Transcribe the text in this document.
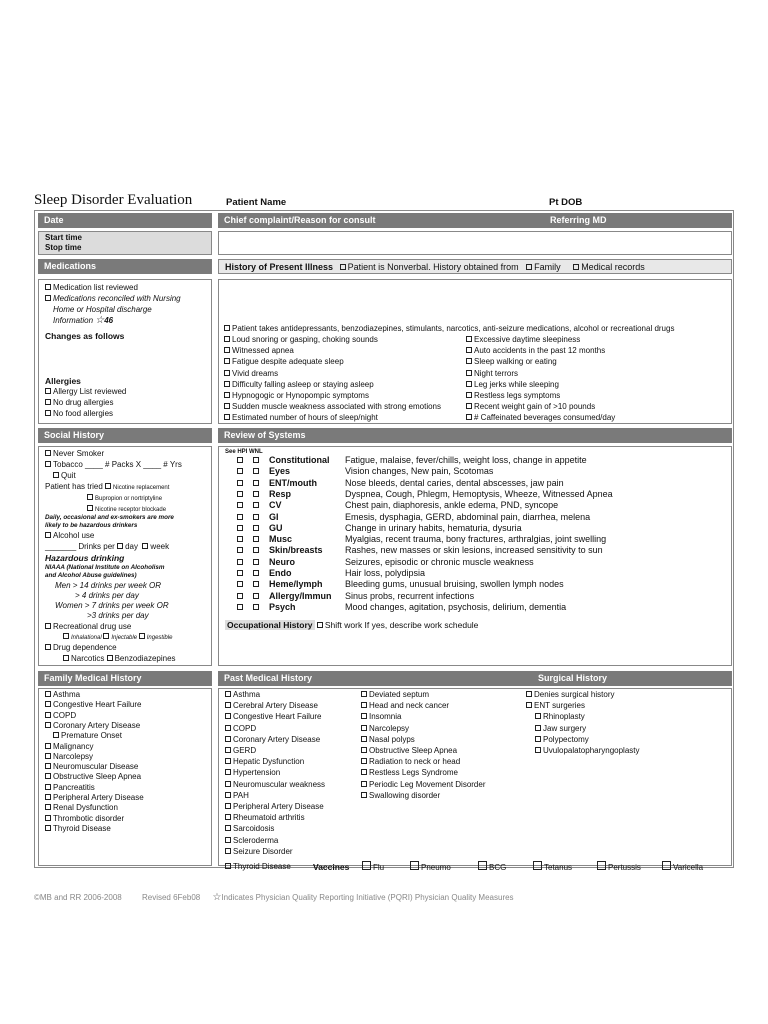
Sleep Disorder Evaluation	Patient Name	Pt DOB
Date	Chief complaint/Reason for consult	Referring MD
Start time
Stop time
Medications	History of Present Illness Patient is Nonverbal. History obtained from Family Medical records
Medication list reviewed
Medications reconciled with Nursing
Home or Hospital discharge
Information ☆46
Changes as follows
Allergies
Allergy List reviewed
No drug allergies
No food allergies
Patient takes antidepressants, benzodiazepines, stimulants, narcotics, anti-seizure medications, alcohol or recreational drugs
Loud snoring or gasping, choking sounds
Witnessed apnea
Fatigue despite adequate sleep
Vivid dreams
Difficulty falling asleep or staying asleep
Hypnogogic or Hynopompic symptoms
Sudden muscle weakness associated with strong emotions
Estimated number of hours of sleep/night
Excessive daytime sleepiness
Auto accidents in the past 12 months
Sleep walking or eating
Night terrors
Leg jerks while sleeping
Restless legs symptoms
Recent weight gain of >10 pounds
# Caffeinated beverages consumed/day
Social History	Review of Systems
Never Smoker
Tobacco ____ # Packs X ____ # Yrs
Quit
Patient has tried Nicotine replacement
Bupropion or nortriptyline
Nicotine receptor blockade
Daily, occasional and ex-smokers are more
likely to be hazardous drinkers
Alcohol use
_______ Drinks per day week
Hazardous drinking
NIAAA (National Institute on Alcoholism
and Alcohol Abuse guidelines)
Men > 14 drinks per week OR
> 4 drinks per day
Women > 7 drinks per week OR
>3 drinks per day
Recreational drug use
Inhalational Injectable Ingestible
Drug dependence
Narcotics Benzodiazepines
See HPI WNL
Constitutional Fatigue, malaise, fever/chills, weight loss, change in appetite
Eyes	Vision changes, New pain, Scotomas
ENT/mouth	Nose bleeds, dental caries, dental abscesses, jaw pain
Resp	Dyspnea, Cough, Phlegm, Hemoptysis, Wheeze, Witnessed Apnea
CV	Chest pain, diaphoresis, ankle edema, PND, syncope
GI	Emesis, dysphagia, GERD, abdominal pain, diarrhea, melena
GU	Change in urinary habits, hematuria, dysuria
Musc	Myalgias, recent trauma, bony fractures, arthralgias, joint swelling
Skin/breasts Rashes, new masses or skin lesions, increased sensitivity to sun
Neuro	Seizures, episodic or chronic muscle weakness
Endo	Hair loss, polydipsia
Heme/lymph Bleeding gums, unusual bruising, swollen lymph nodes
Allergy/Immun Sinus probs, recurrent infections
Psych	Mood changes, agitation, psychosis, delirium, dementia
Occupational History Shift work If yes, describe work schedule
Family Medical History	Past Medical History	Surgical History
Asthma
Congestive Heart Failure
COPD
Coronary Artery Disease
Premature Onset
Malignancy
Narcolepsy
Neuromuscular Disease
Obstructive Sleep Apnea
Pancreatitis
Peripheral Artery Disease
Renal Dysfunction
Thrombotic disorder
Thyroid Disease
Asthma
Cerebral Artery Disease
Congestive Heart Failure
COPD
Coronary Artery Disease
GERD
Hepatic Dysfunction
Hypertension
Neuromuscular weakness
PAH
Peripheral Artery Disease
Rheumatoid arthritis
Sarcoidosis
Scleroderma
Seizure Disorder
Thyroid Disease
Deviated septum
Head and neck cancer
Insomnia
Narcolepsy
Nasal polyps
Obstructive Sleep Apnea
Radiation to neck or head
Restless Legs Syndrome
Periodic Leg Movement Disorder
Swallowing disorder
Denies surgical history
ENT surgeries
Rhinoplasty
Jaw surgery
Polypectomy
Uvulopalatopharyngoplasty
Vaccines	Flu	Pneumo	BCG	Tetanus	Pertussis	Varicella
©MB and RR 2006-2008	Revised 6Feb08 ☆Indicates Physician Quality Reporting Initiative (PQRI) Physician Quality Measures
